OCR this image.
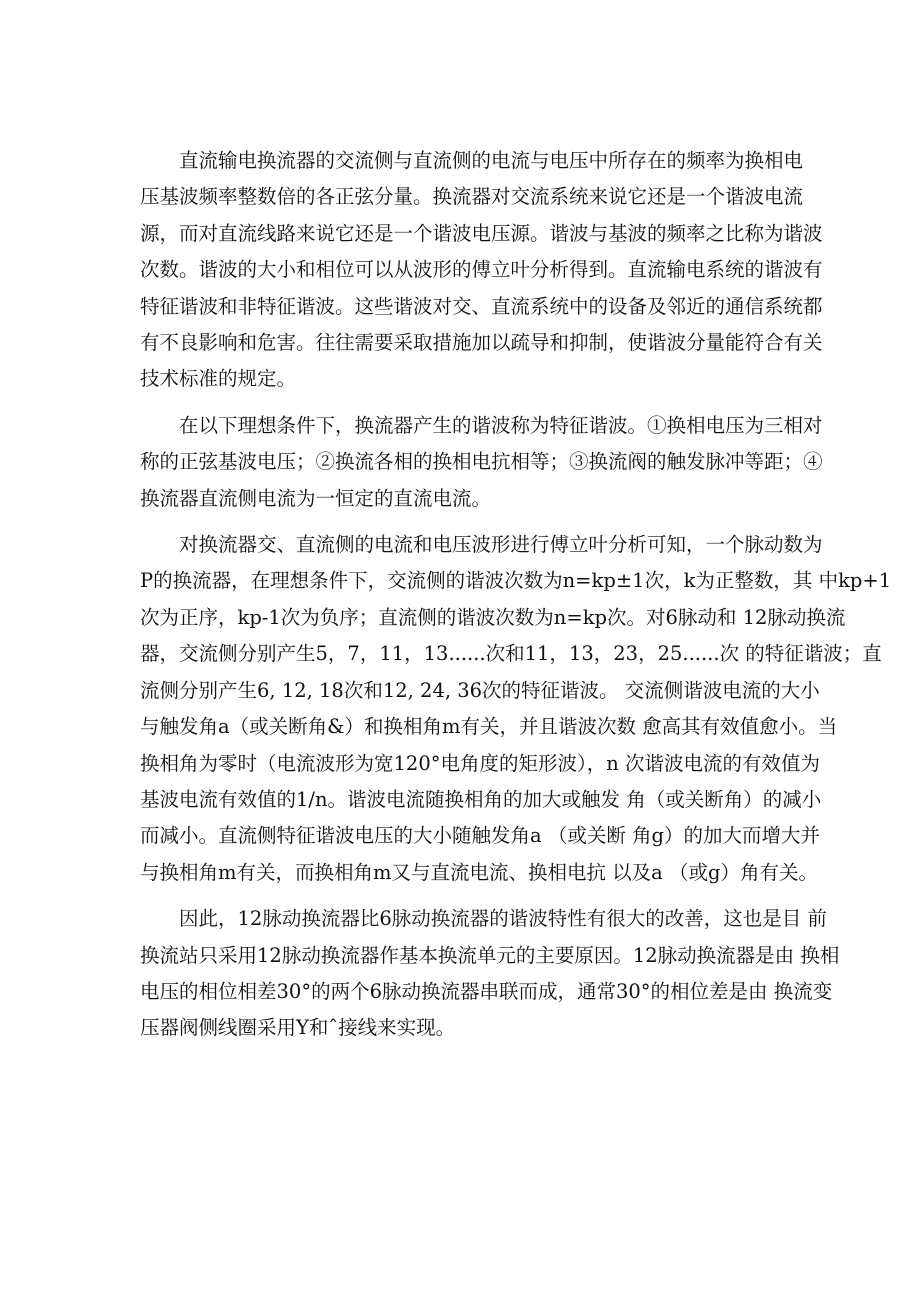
直流输电换流器的交流侧与直流侧的电流与电压中所存在的频率为换相电
压基波频率整数倍的各正弦分量。换流器对交流系统来说它还是一个谐波电流
源，而对直流线路来说它还是一个谐波电压源。谐波与基波的频率之比称为谐波
次数。谐波的大小和相位可以从波形的傅立叶分析得到。直流输电系统的谐波有
特征谐波和非特征谐波。这些谐波对交、直流系统中的设备及邻近的通信系统都
有不良影响和危害。往往需要采取措施加以疏导和抑制，使谐波分量能符合有关
技术标准的规定。

在以下理想条件下，换流器产生的谐波称为特征谐波。①换相电压为三相对
称的正弦基波电压；②换流各相的换相电抗相等；③换流阀的触发脉冲等距；④
换流器直流侧电流为一恒定的直流电流。

对换流器交、直流侧的电流和电压波形进行傅立叶分析可知，一个脉动数为
P的换流器，在理想条件下，交流侧的谐波次数为n=kp±1次，k为正整数，其 中kp+1
次为正序，kp-1次为负序；直流侧的谐波次数为n=kp次。对6脉动和 12脉动换流
器，交流侧分别产生5，7，11，13......次和11，13，23，25......次 的特征谐波；直
流侧分别产生6, 12, 18次和12, 24, 36次的特征谐波。 交流侧谐波电流的大小
与触发角a（或关断角&）和换相角m有关，并且谐波次数 愈高其有效值愈小。当
换相角为零时（电流波形为宽120°电角度的矩形波），n 次谐波电流的有效值为
基波电流有效值的1/n。谐波电流随换相角的加大或触发 角（或关断角）的减小
而减小。直流侧特征谐波电压的大小随触发角a （或关断 角g）的加大而增大并
与换相角m有关，而换相角m又与直流电流、换相电抗 以及a （或g）角有关。

因此，12脉动换流器比6脉动换流器的谐波特性有很大的改善，这也是目 前
换流站只采用12脉动换流器作基本换流单元的主要原因。12脉动换流器是由 换相
电压的相位相差30°的两个6脉动换流器串联而成，通常30°的相位差是由 换流变
压器阀侧线圈采用Y和ˆ接线来实现。
